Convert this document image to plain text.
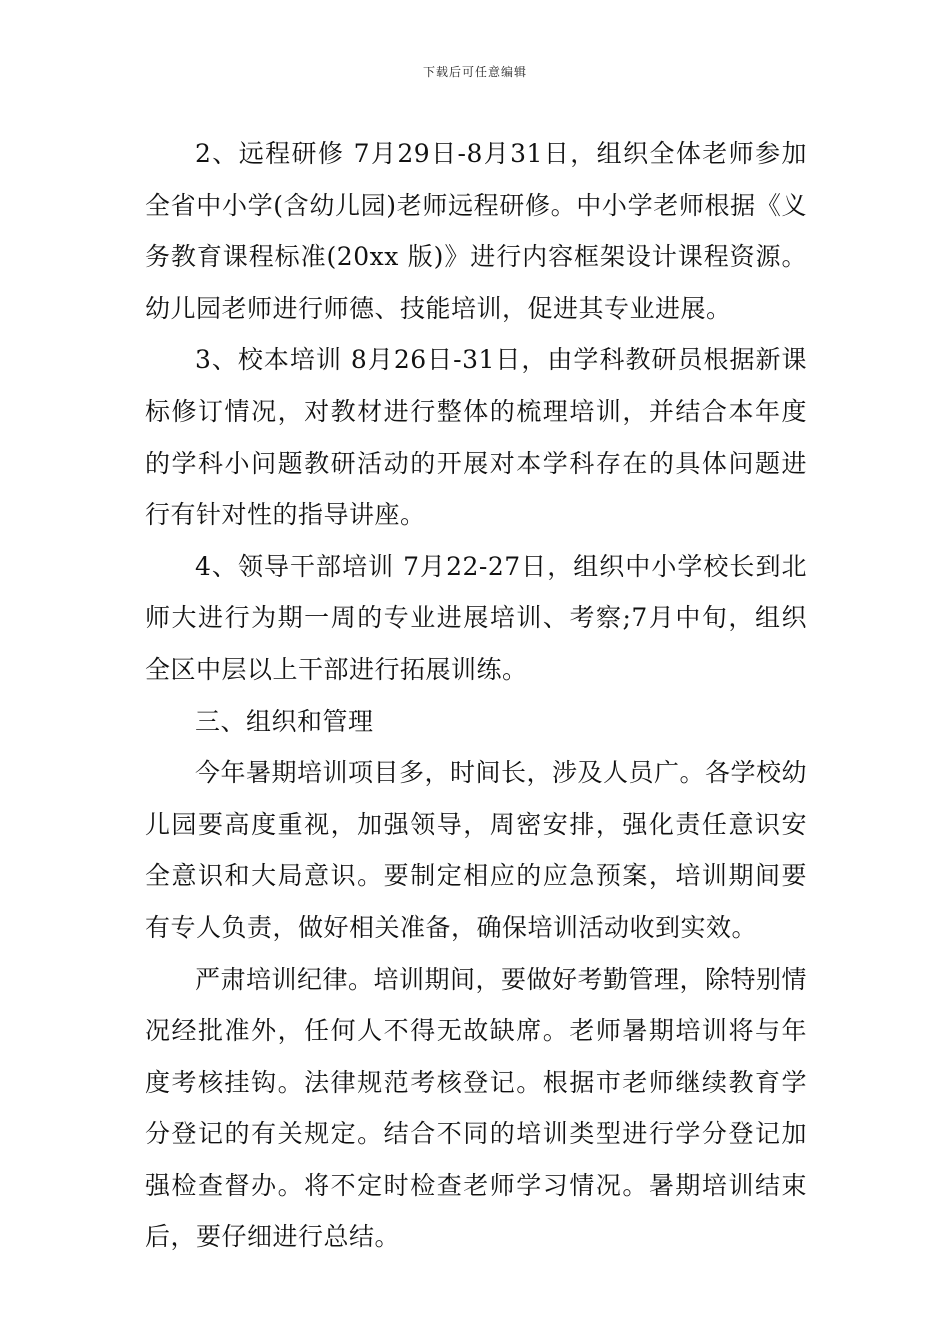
下载后可任意编辑

2、远程研修 7月29日-8月31日，组织全体老师参加全省中小学(含幼儿园)老师远程研修。中小学老师根据《义务教育课程标准(20xx 版)》进行内容框架设计课程资源。幼儿园老师进行师德、技能培训，促进其专业进展。

3、校本培训 8月26日-31日，由学科教研员根据新课标修订情况，对教材进行整体的梳理培训，并结合本年度的学科小问题教研活动的开展对本学科存在的具体问题进行有针对性的指导讲座。

4、领导干部培训 7月22-27日，组织中小学校长到北师大进行为期一周的专业进展培训、考察;7月中旬，组织全区中层以上干部进行拓展训练。

三、组织和管理

今年暑期培训项目多，时间长，涉及人员广。各学校幼儿园要高度重视，加强领导，周密安排，强化责任意识安全意识和大局意识。要制定相应的应急预案，培训期间要有专人负责，做好相关准备，确保培训活动收到实效。

严肃培训纪律。培训期间，要做好考勤管理，除特别情况经批准外，任何人不得无故缺席。老师暑期培训将与年度考核挂钩。法律规范考核登记。根据市老师继续教育学分登记的有关规定。结合不同的培训类型进行学分登记加强检查督办。将不定时检查老师学习情况。暑期培训结束后，要仔细进行总结。
